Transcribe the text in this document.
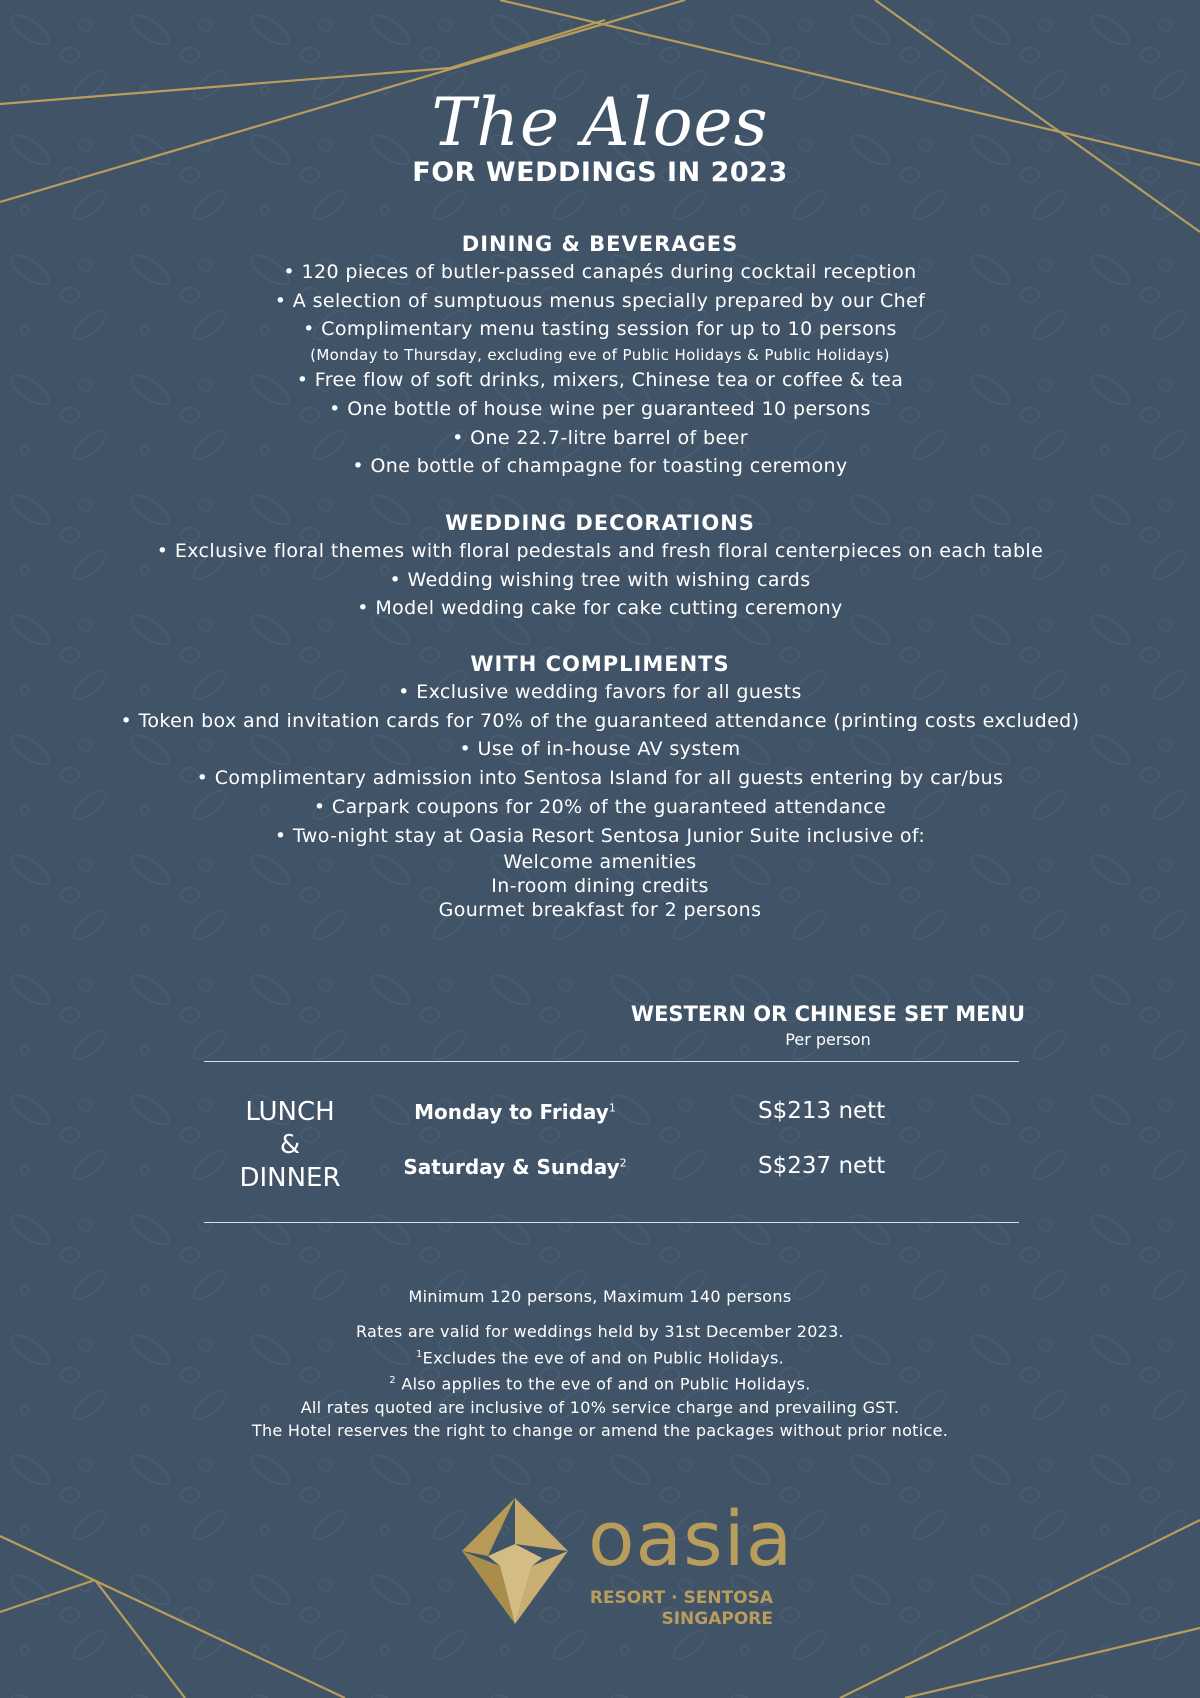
The Aloes
FOR WEDDINGS IN 2023

DINING & BEVERAGES

• 120 pieces of butler-passed canapés during cocktail reception

• A selection of sumptuous menus specially prepared by our Chef

• Complimentary menu tasting session for up to 10 persons

(Monday to Thursday, excluding eve of Public Holidays & Public Holidays)

• Free flow of soft drinks, mixers, Chinese tea or coffee & tea

• One bottle of house wine per guaranteed 10 persons

• One 22.7-litre barrel of beer

• One bottle of champagne for toasting ceremony

WEDDING DECORATIONS

• Exclusive floral themes with floral pedestals and fresh floral centerpieces on each table

• Wedding wishing tree with wishing cards

• Model wedding cake for cake cutting ceremony

WITH COMPLIMENTS

• Exclusive wedding favors for all guests

• Token box and invitation cards for 70% of the guaranteed attendance (printing costs excluded)

• Use of in-house AV system

• Complimentary admission into Sentosa Island for all guests entering by car/bus

• Carpark coupons for 20% of the guaranteed attendance

• Two-night stay at Oasia Resort Sentosa Junior Suite inclusive of:

Welcome amenities

In-room dining credits

Gourmet breakfast for 2 persons

WESTERN OR CHINESE SET MENU
Per person
LUNCH
&
DINNER
Monday to Friday$^1$	S$213 nett
Saturday & Sunday$^2$	S$237 nett

Minimum 120 persons, Maximum 140 persons

Rates are valid for weddings held by 31st December 2023.

$^1$Excludes the eve of and on Public Holidays.

$^2$ Also applies to the eve of and on Public Holidays.

All rates quoted are inclusive of 10% service charge and prevailing GST.

The Hotel reserves the right to change or amend the packages without prior notice.

oasia
RESORT · SENTOSA
SINGAPORE
